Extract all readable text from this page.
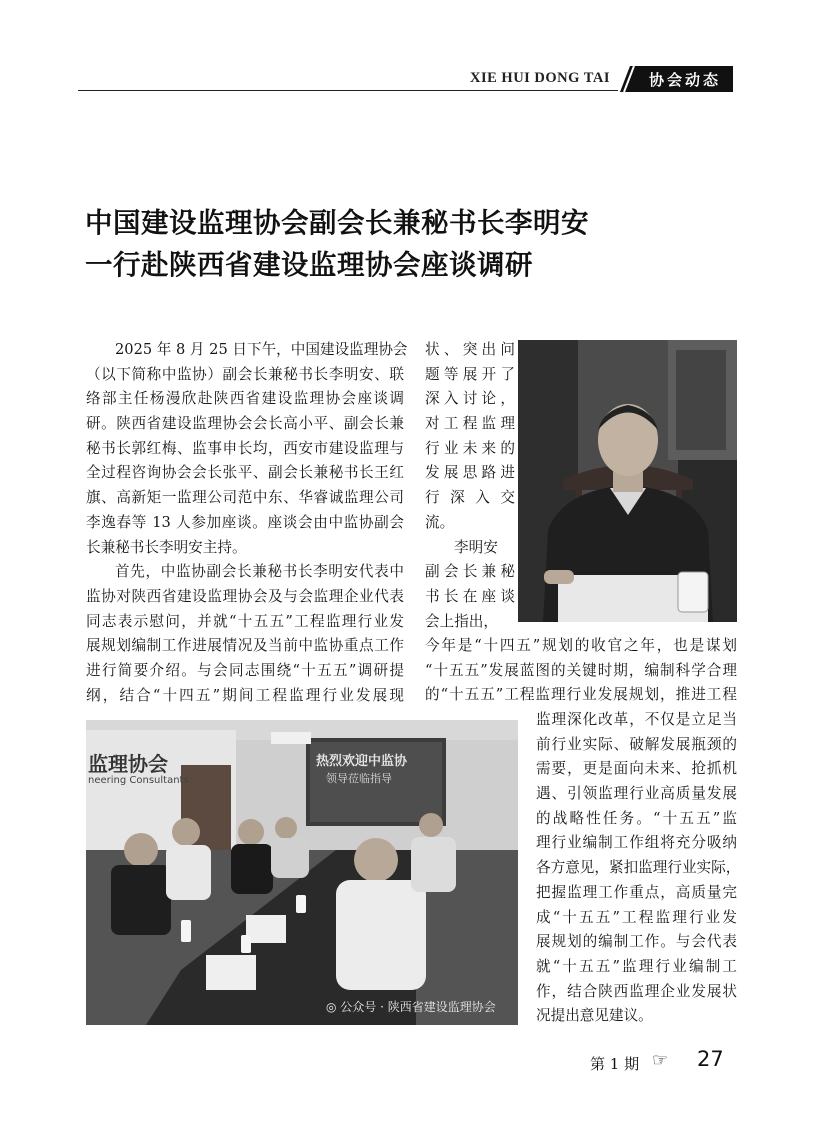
XIE HUI DONG TAI	协会动态
中国建设监理协会副会长兼秘书长李明安
一行赴陕西省建设监理协会座谈调研
2025 年 8 月 25 日下午，中国建设监理协会
（以下简称中监协）副会长兼秘书长李明安、联
络部主任杨漫欣赴陕西省建设监理协会座谈调
研。陕西省建设监理协会会长高小平、副会长兼
秘书长郭红梅、监事申长均，西安市建设监理与
全过程咨询协会会长张平、副会长兼秘书长王红
旗、高新矩一监理公司范中东、华睿诚监理公司
李逸春等 13 人参加座谈。座谈会由中监协副会
长兼秘书长李明安主持。
首先，中监协副会长兼秘书长李明安代表中
监协对陕西省建设监理协会及与会监理企业代表
同志表示慰问，并就“十五五”工程监理行业发
展规划编制工作进展情况及当前中监协重点工作
进行简要介绍。与会同志围绕“十五五”调研提
纲，结合“十四五”期间工程监理行业发展现
状、突出问
题等展开了
深入讨论，
对工程监理
行业未来的
发展思路进
行 深 入 交
流。
李明安
副会长兼秘
书长在座谈
会上指出，
今年是“十四五”规划的收官之年，也是谋划
“十五五”发展蓝图的关键时期，编制科学合理
的“十五五”工程监理行业发展规划，推进工程
监理深化改革，不仅是立足当
前行业实际、破解发展瓶颈的
需要，更是面向未来、抢抓机
遇、引领监理行业高质量发展
的战略性任务。“十五五”监
理行业编制工作组将充分吸纳
各方意见，紧扣监理行业实际，
把握监理工作重点，高质量完
成“十五五”工程监理行业发
展规划的编制工作。与会代表
就“十五五”监理行业编制工
作，结合陕西监理企业发展状
况提出意见建议。
监理协会
neering Consultants
热烈欢迎中监协
领导莅临指导
◎ 公众号 · 陕西省建设监理协会
第 1 期 ☞ 27
